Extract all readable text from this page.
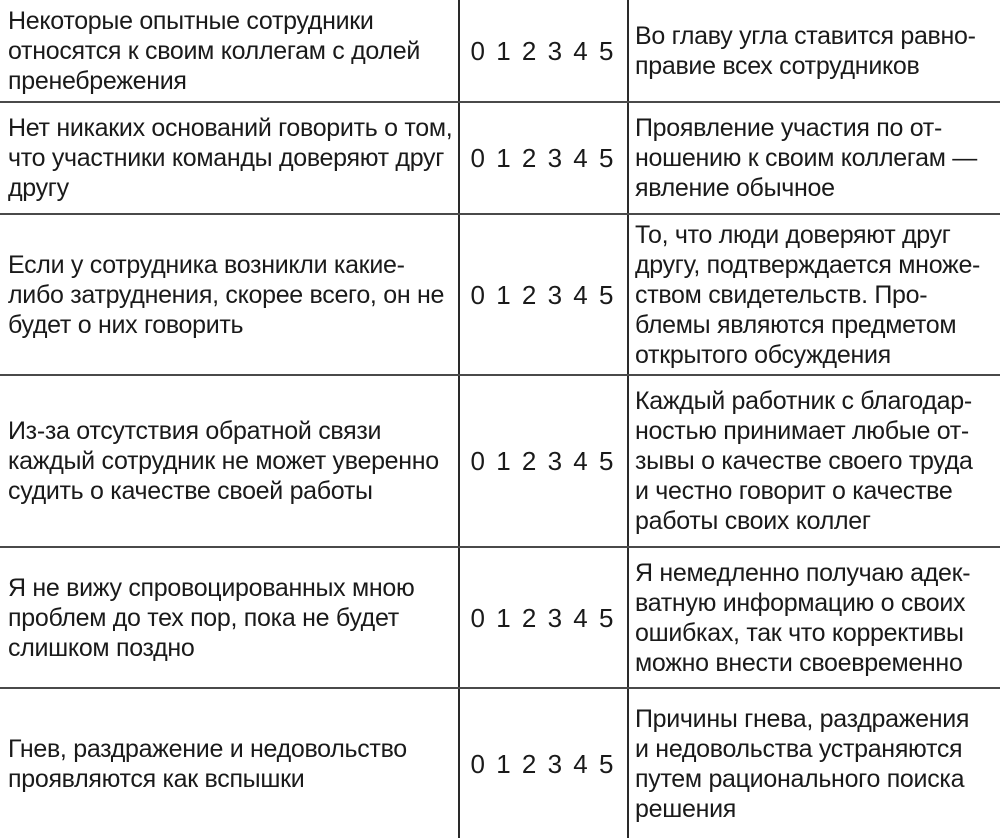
Некоторые опытные сотрудники
относятся к своим коллегам с долей
пренебрежения
0 1 2 3 4 5 Во главу угла ставится равно-
правие всех сотрудников
Нет никаких оснований говорить о том,
что участники команды доверяют друг
другу
0 1 2 3 4 5
Проявление участия по от-
ношению к своим коллегам —
явление обычное
Если у сотрудника возникли какие-
либо затруднения, скорее всего, он не
будет о них говорить
0 1 2 3 4 5
То, что люди доверяют друг
другу, подтверждается множе-
ством свидетельств. Про-
блемы являются предметом
открытого обсуждения
Из-за отсутствия обратной связи
каждый сотрудник не может уверенно
судить о качестве своей работы
0 1 2 3 4 5
Каждый работник с благодар-
ностью принимает любые от-
зывы о качестве своего труда
и честно говорит о качестве
работы своих коллег
Я не вижу спровоцированных мною
проблем до тех пор, пока не будет
слишком поздно
0 1 2 3 4 5
Я немедленно получаю адек-
ватную информацию о своих
ошибках, так что коррективы
можно внести своевременно
Гнев, раздражение и недовольство
проявляются как вспышки	0 1 2 3 4 5
Причины гнева, раздражения
и недовольства устраняются
путем рационального поиска
решения
